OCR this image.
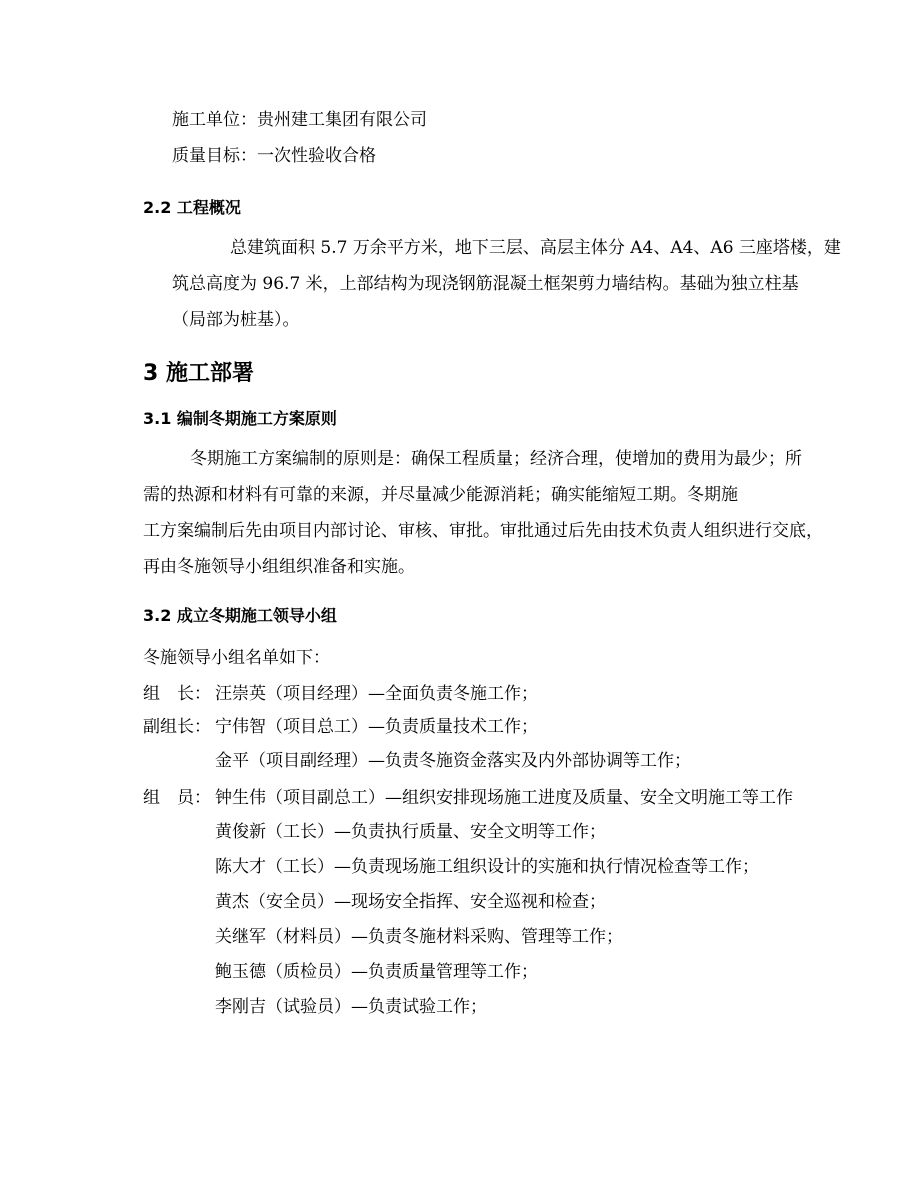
施工单位：贵州建工集团有限公司
质量目标：一次性验收合格
2.2 工程概况
总建筑面积 5.7 万余平方米，地下三层、高层主体分 A4、A4、A6 三座塔楼，建
筑总高度为 96.7 米，上部结构为现浇钢筋混凝土框架剪力墙结构。基础为独立柱基
（局部为桩基）。
3 施工部署
3.1 编制冬期施工方案原则
冬期施工方案编制的原则是：确保工程质量；经济合理，使增加的费用为最少；所
需的热源和材料有可靠的来源，并尽量减少能源消耗；确实能缩短工期。冬期施
工方案编制后先由项目内部讨论、审核、审批。审批通过后先由技术负责人组织进行交底，
再由冬施领导小组组织准备和实施。
3.2 成立冬期施工领导小组
冬施领导小组名单如下：
组　长： 汪崇英（项目经理）—全面负责冬施工作；
副组长： 宁伟智（项目总工）—负责质量技术工作；
金平（项目副经理）—负责冬施资金落实及内外部协调等工作；
组　员： 钟生伟（项目副总工）—组织安排现场施工进度及质量、安全文明施工等工作
黄俊新（工长）—负责执行质量、安全文明等工作；
陈大才（工长）—负责现场施工组织设计的实施和执行情况检查等工作；
黄杰（安全员）—现场安全指挥、安全巡视和检查；
关继军（材料员）—负责冬施材料采购、管理等工作；
鲍玉德（质检员）—负责质量管理等工作；
李刚吉（试验员）—负责试验工作；
